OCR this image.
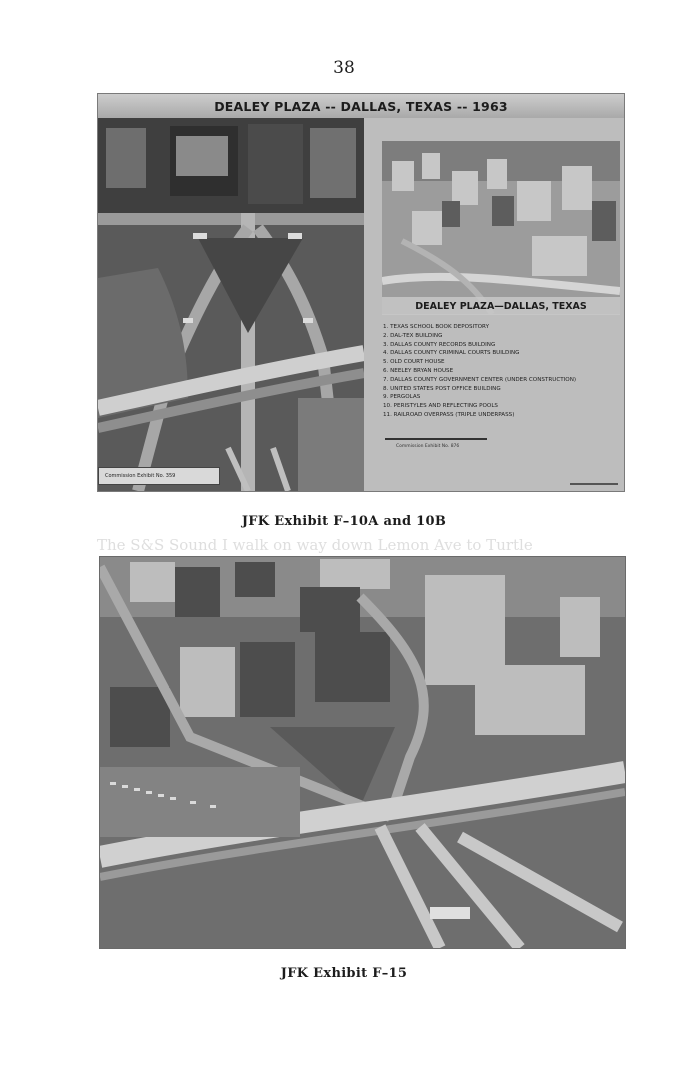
38
DEALEY PLAZA -- DALLAS, TEXAS -- 1963
Commission Exhibit No. 359
DEALEY PLAZA—DALLAS, TEXAS
1. TEXAS SCHOOL BOOK DEPOSITORY
2. DAL-TEX BUILDING
3. DALLAS COUNTY RECORDS BUILDING
4. DALLAS COUNTY CRIMINAL COURTS BUILDING
5. OLD COURT HOUSE
6. NEELEY BRYAN HOUSE
7. DALLAS COUNTY GOVERNMENT CENTER (UNDER CONSTRUCTION)
8. UNITED STATES POST OFFICE BUILDING
9. PERGOLAS
10. PERISTYLES AND REFLECTING POOLS
11. RAILROAD OVERPASS (TRIPLE UNDERPASS)
Commission Exhibit No. 876
JFK Exhibit F–10A and 10B
The S&S Sound I walk on way down Lemon Ave to Turtle
JFK Exhibit F–15
